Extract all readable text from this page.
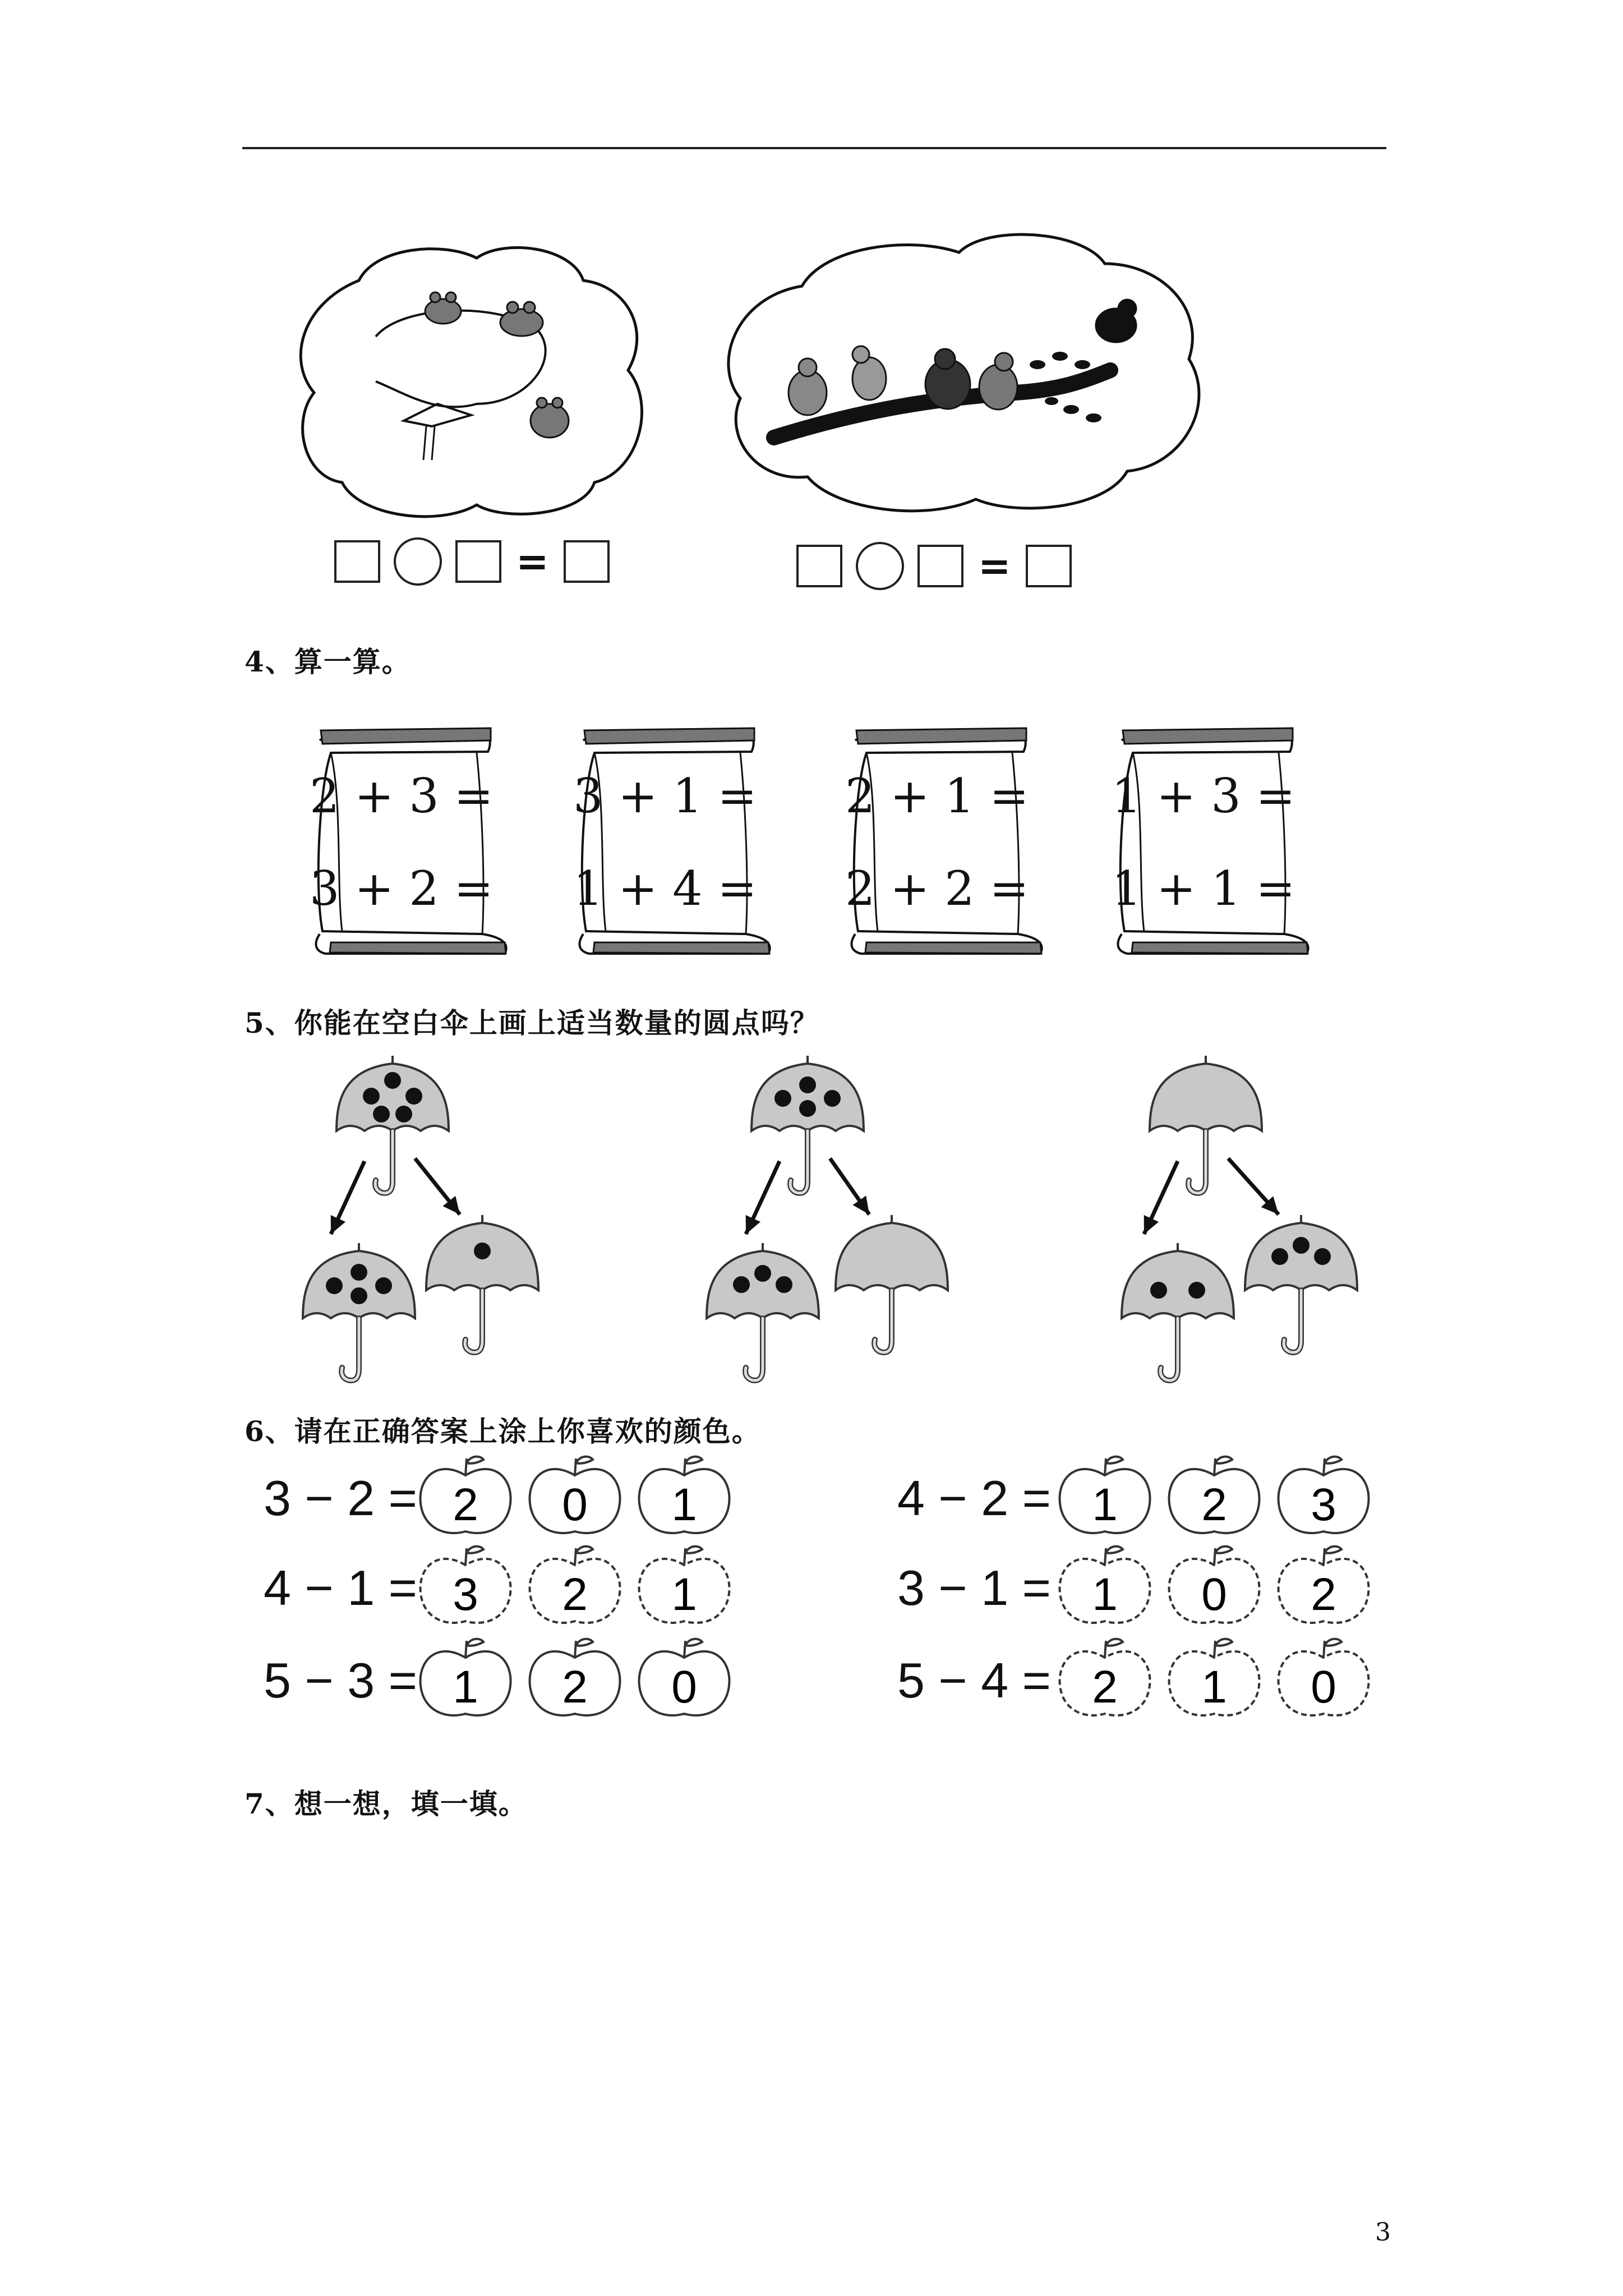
=	=
4、算一算。
2 + 3 =
3 + 2 =
3 + 1 =
1 + 4 =
2 + 1 =
2 + 2 =
1 + 3 =
1 + 1 =
5、你能在空白伞上画上适当数量的圆点吗？
6、请在正确答案上涂上你喜欢的颜色。
3 − 2 = 2 0 1
4 − 1 = 3 2 1
5 − 3 = 1 2 0
4 − 2 = 1 2 3
3 − 1 = 1 0 2
5 − 4 = 2 1 0
7、想一想，填一填。
3
